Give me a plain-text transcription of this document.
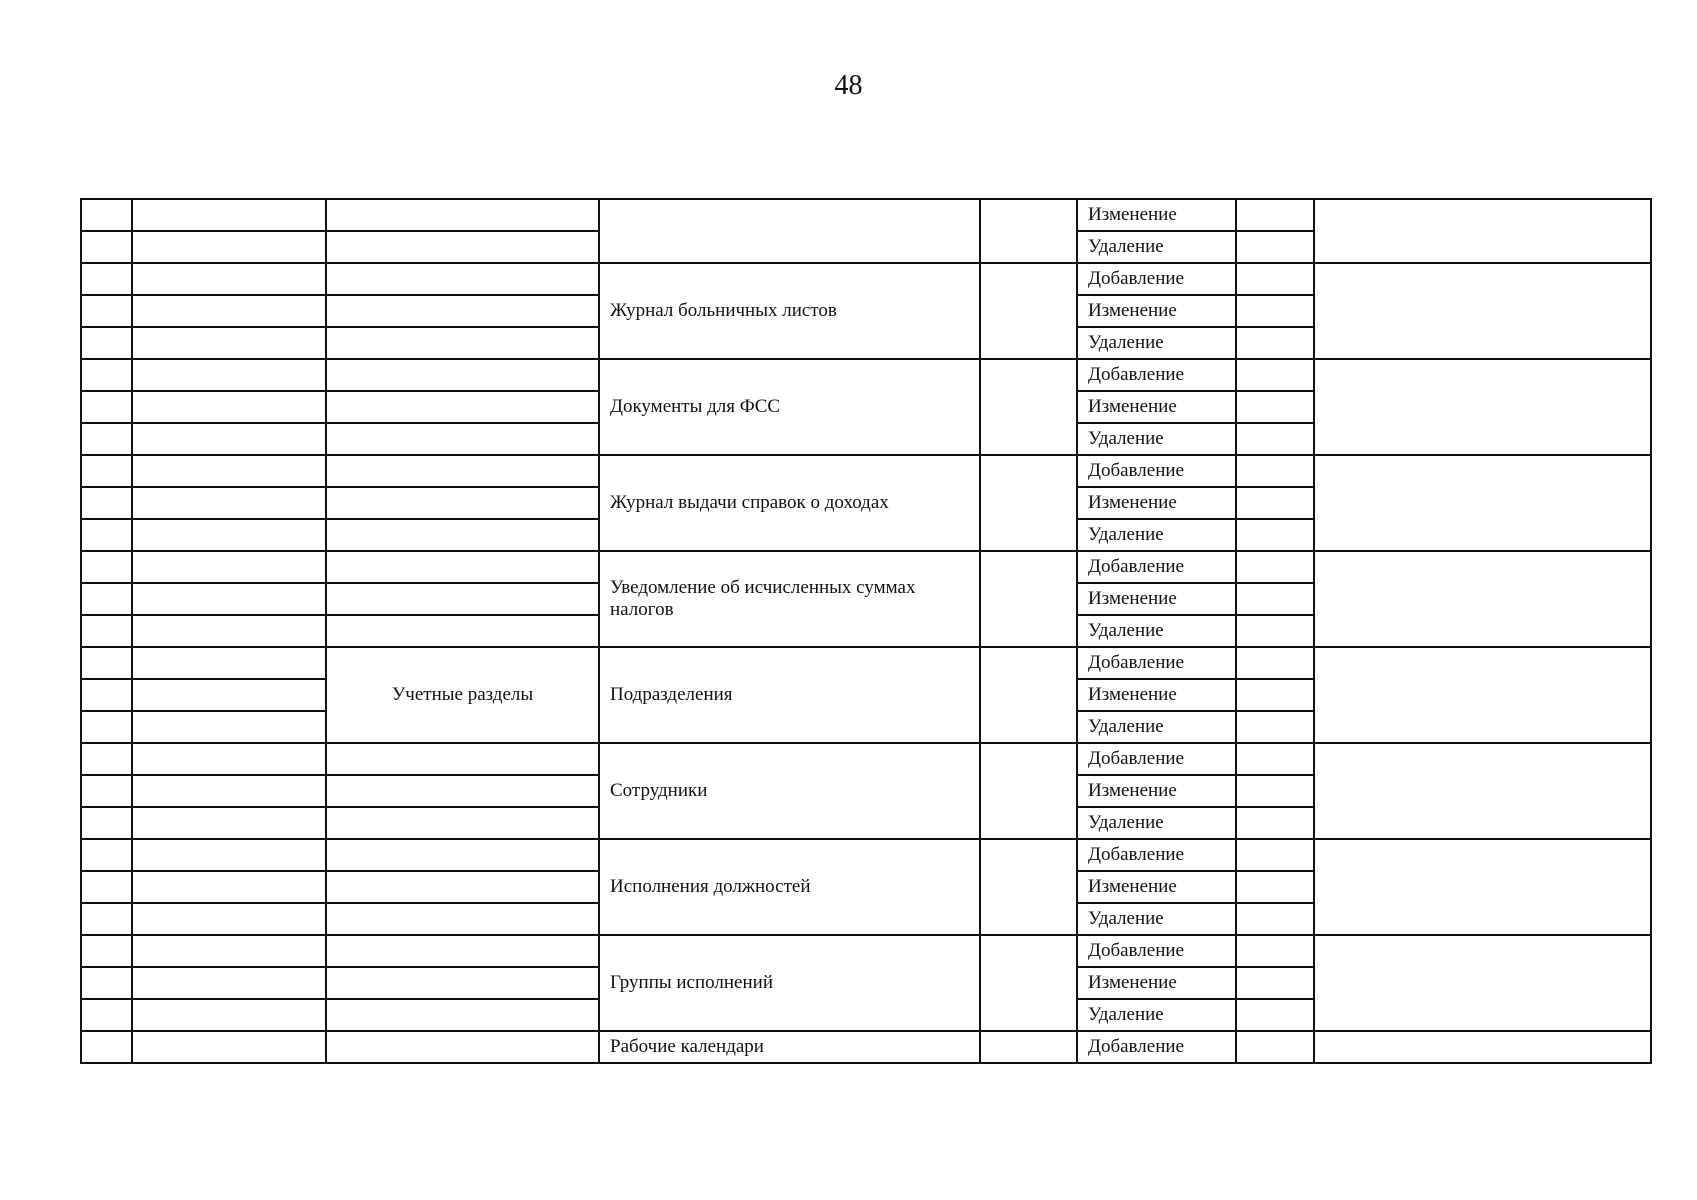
48
					Изменение		
					Удаление		
			Журнал больничных листов		Добавление		
					Изменение		
					Удаление		
			Документы для ФСС		Добавление		
					Изменение		
					Удаление		
			Журнал выдачи справок о доходах		Добавление		
					Изменение		
					Удаление		
			Уведомление об исчисленных суммах налогов		Добавление		
					Изменение		
					Удаление		
		Учетные разделы	Подразделения		Добавление		
					Изменение		
					Удаление		
			Сотрудники		Добавление		
					Изменение		
					Удаление		
			Исполнения должностей		Добавление		
					Изменение		
					Удаление		
			Группы исполнений		Добавление		
					Изменение		
					Удаление		
			Рабочие календари		Добавление		
